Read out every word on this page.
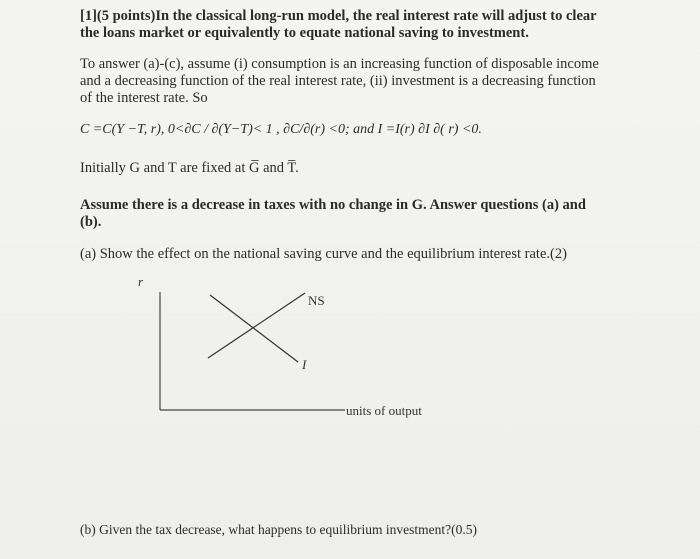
[1](5 points)In the classical long-run model, the real interest rate will adjust to clear the loans market or equivalently to equate national saving to investment.

To answer (a)-(c), assume (i) consumption is an increasing function of disposable income and a decreasing function of the real interest rate, (ii) investment is a decreasing function of the interest rate. So

C =C(Y −T, r), 0<∂C / ∂(Y−T)< 1 , ∂C/∂(r) <0; and I =I(r) ∂I ∂( r) <0.

Initially G and T are fixed at G̅ and T̅.

Assume there is a decrease in taxes with no change in G. Answer questions (a) and (b).

(a) Show the effect on the national saving curve and the equilibrium interest rate.(2)

r
NS
I
units of output

(b) Given the tax decrease, what happens to equilibrium investment?(0.5)
